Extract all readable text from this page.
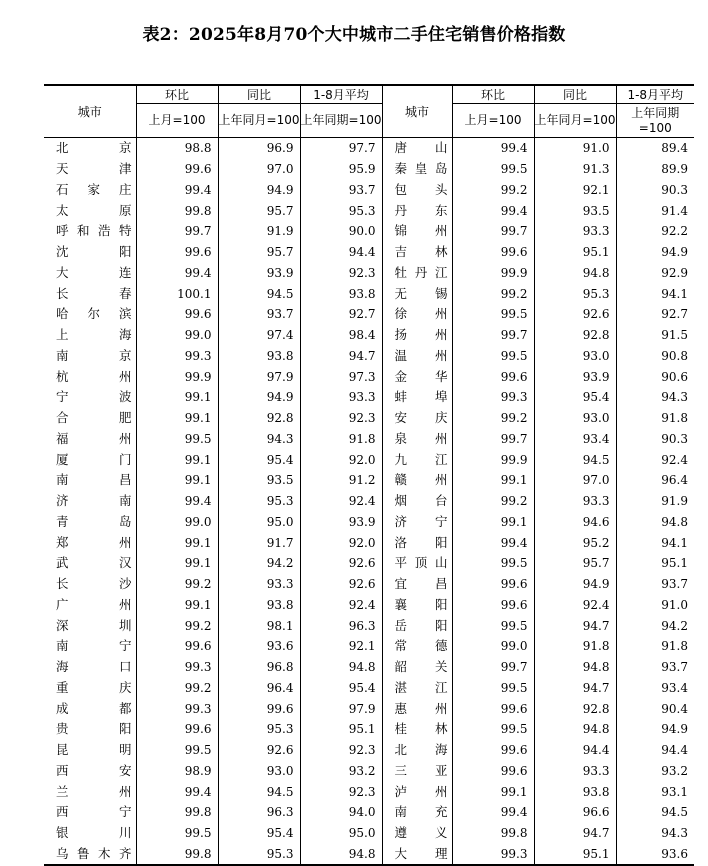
表2：2025年8月70个大中城市二手住宅销售价格指数
城市	环比	同比	1-8月平均	城市	环比	同比	1-8月平均
	上月=100	上年同月=100	上年同期=100		上月=100	上年同月=100	上年同期=100
北京	98.8	96.9	97.7	唐山	99.4	91.0	89.4
天津	99.6	97.0	95.9	秦皇岛	99.5	91.3	89.9
石家庄	99.4	94.9	93.7	包头	99.2	92.1	90.3
太原	99.8	95.7	95.3	丹东	99.4	93.5	91.4
呼和浩特	99.7	91.9	90.0	锦州	99.7	93.3	92.2
沈阳	99.6	95.7	94.4	吉林	99.6	95.1	94.9
大连	99.4	93.9	92.3	牡丹江	99.9	94.8	92.9
长春	100.1	94.5	93.8	无锡	99.2	95.3	94.1
哈尔滨	99.6	93.7	92.7	徐州	99.5	92.6	92.7
上海	99.0	97.4	98.4	扬州	99.7	92.8	91.5
南京	99.3	93.8	94.7	温州	99.5	93.0	90.8
杭州	99.9	97.9	97.3	金华	99.6	93.9	90.6
宁波	99.1	94.9	93.3	蚌埠	99.3	95.4	94.3
合肥	99.1	92.8	92.3	安庆	99.2	93.0	91.8
福州	99.5	94.3	91.8	泉州	99.7	93.4	90.3
厦门	99.1	95.4	92.0	九江	99.9	94.5	92.4
南昌	99.1	93.5	91.2	赣州	99.1	97.0	96.4
济南	99.4	95.3	92.4	烟台	99.2	93.3	91.9
青岛	99.0	95.0	93.9	济宁	99.1	94.6	94.8
郑州	99.1	91.7	92.0	洛阳	99.4	95.2	94.1
武汉	99.1	94.2	92.6	平顶山	99.5	95.7	95.1
长沙	99.2	93.3	92.6	宜昌	99.6	94.9	93.7
广州	99.1	93.8	92.4	襄阳	99.6	92.4	91.0
深圳	99.2	98.1	96.3	岳阳	99.5	94.7	94.2
南宁	99.6	93.6	92.1	常德	99.0	91.8	91.8
海口	99.3	96.8	94.8	韶关	99.7	94.8	93.7
重庆	99.2	96.4	95.4	湛江	99.5	94.7	93.4
成都	99.3	99.6	97.9	惠州	99.6	92.8	90.4
贵阳	99.6	95.3	95.1	桂林	99.5	94.8	94.9
昆明	99.5	92.6	92.3	北海	99.6	94.4	94.4
西安	98.9	93.0	93.2	三亚	99.6	93.3	93.2
兰州	99.4	94.5	92.3	泸州	99.1	93.8	93.1
西宁	99.8	96.3	94.0	南充	99.4	96.6	94.5
银川	99.5	95.4	95.0	遵义	99.8	94.7	94.3
乌鲁木齐	99.8	95.3	94.8	大理	99.3	95.1	93.6
